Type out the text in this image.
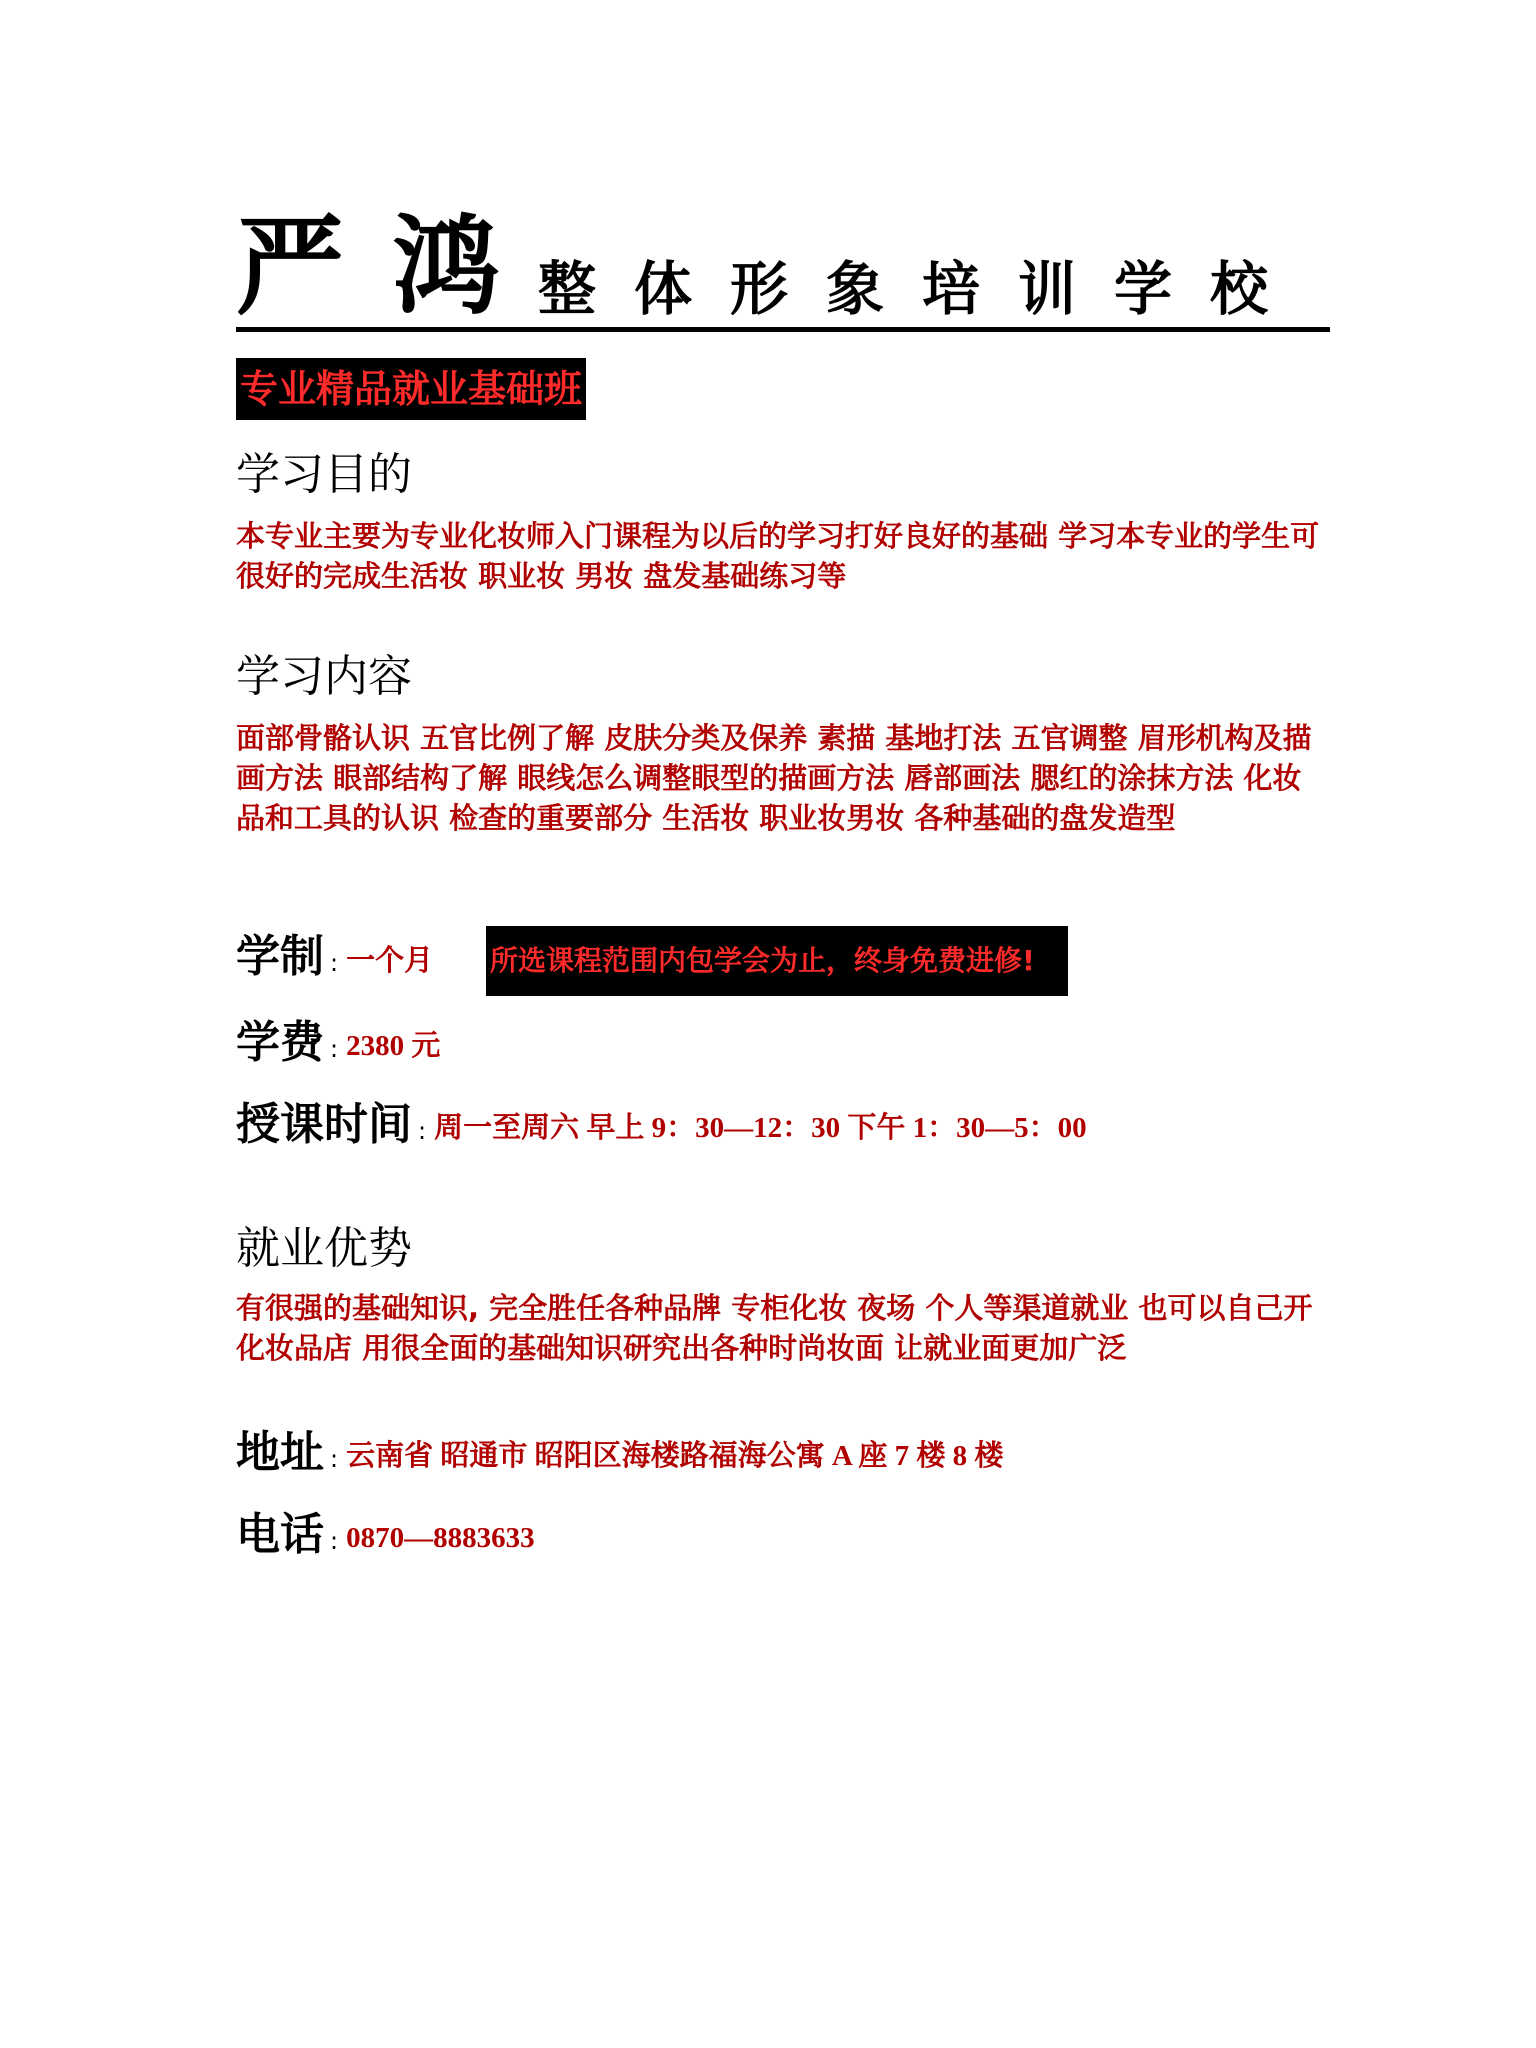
严鸿
整体形象培训学校
专业精品就业基础班
学习目的
本专业主要为专业化妆师入门课程为以后的学习打好良好的基础 学习本专业的学生可很好的完成生活妆 职业妆 男妆 盘发基础练习等
学习内容
面部骨骼认识 五官比例了解 皮肤分类及保养 素描 基地打法 五官调整 眉形机构及描画方法 眼部结构了解 眼线怎么调整眼型的描画方法 唇部画法 腮红的涂抹方法 化妆品和工具的认识 检查的重要部分 生活妆 职业妆男妆 各种基础的盘发造型
学制 : 一个月 所选课程范围内包学会为止，终身免费进修!
学费 : 2380 元
授课时间 : 周一至周六 早上 9：30—12：30 下午 1：30—5：00
就业优势
有很强的基础知识, 完全胜任各种品牌 专柜化妆 夜场 个人等渠道就业 也可以自己开化妆品店 用很全面的基础知识研究出各种时尚妆面 让就业面更加广泛
地址 : 云南省 昭通市 昭阳区海楼路福海公寓 A 座 7 楼 8 楼
电话 : 0870—8883633
